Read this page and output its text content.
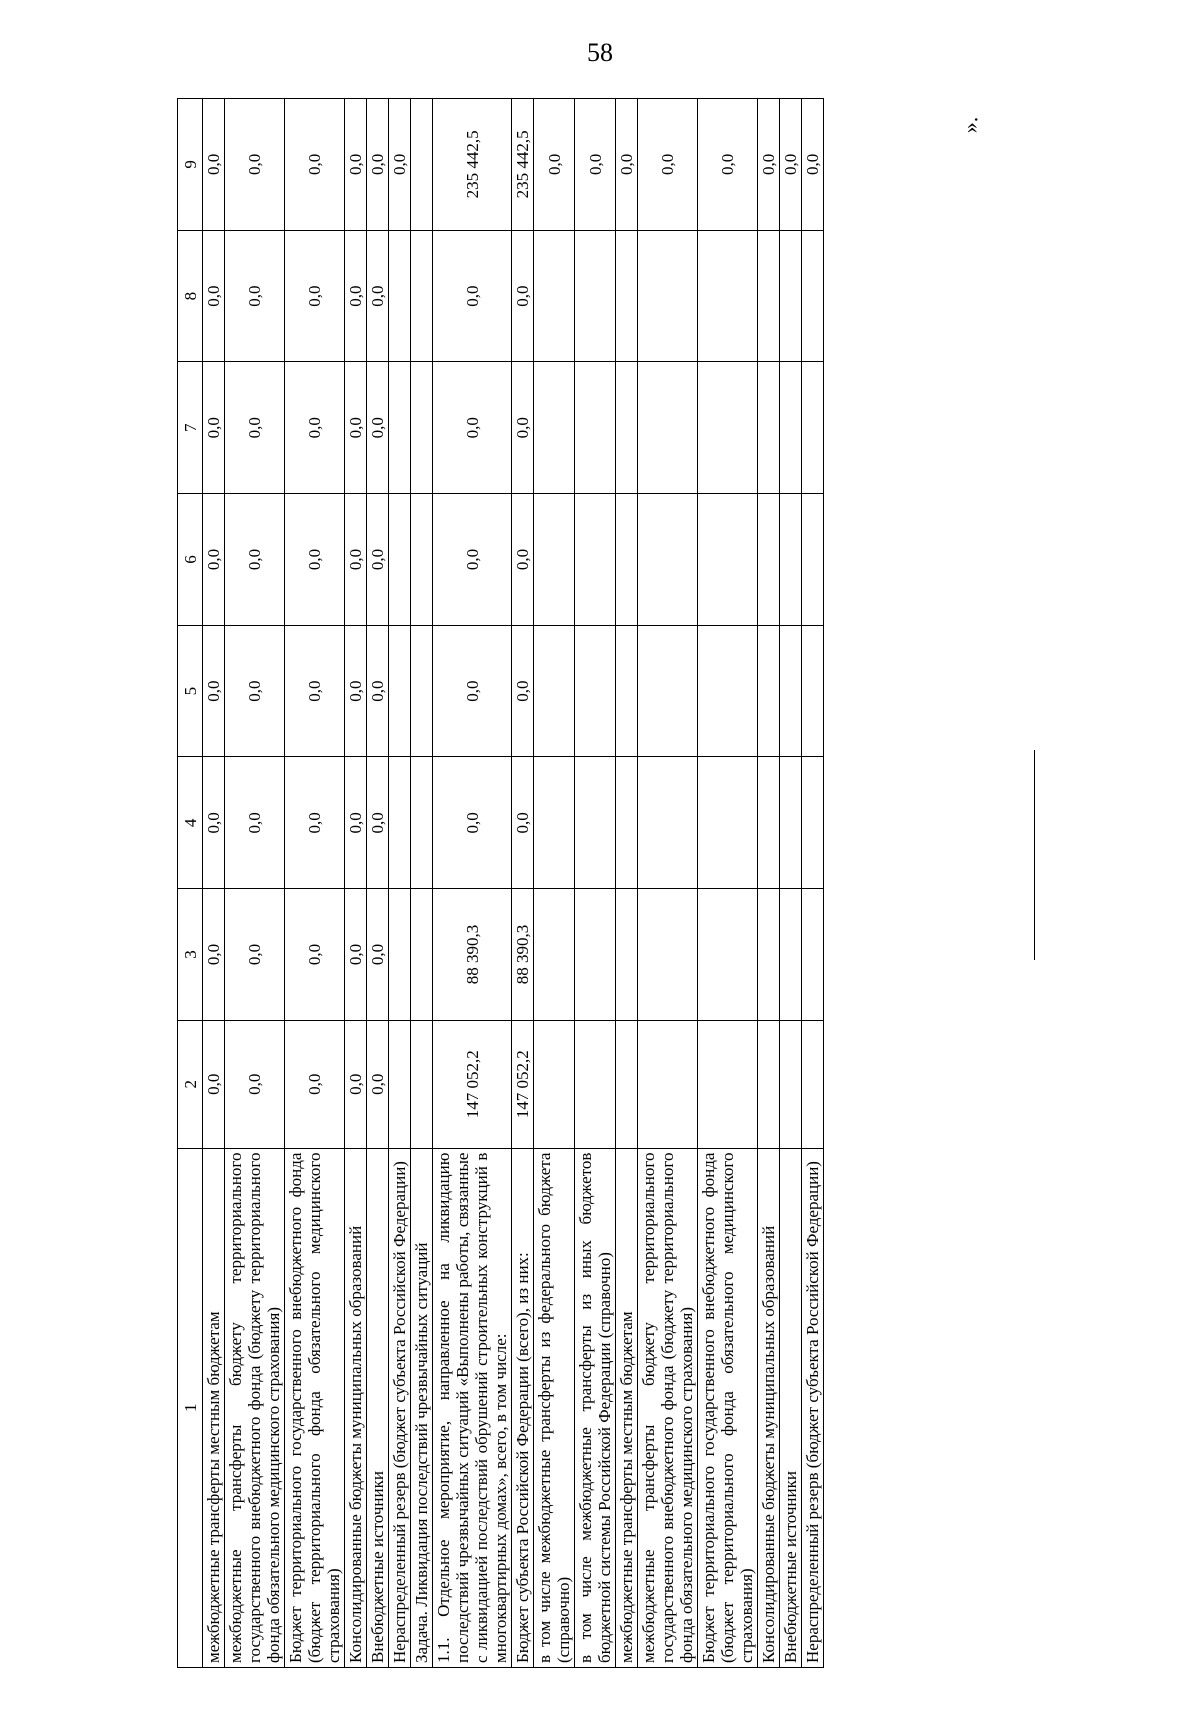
58
1	2	3	4	5	6	7	8	9
межбюджетные трансферты местным бюджетам	0,0	0,0	0,0	0,0	0,0	0,0	0,0	0,0
межбюджетные трансферты бюджету территориального государственного внебюджетного фонда (бюджету территориального фонда обязательного медицинского страхования)	0,0	0,0	0,0	0,0	0,0	0,0	0,0	0,0
Бюджет территориального государственного внебюджетного фонда (бюджет территориального фонда обязательного медицинского страхования)	0,0	0,0	0,0	0,0	0,0	0,0	0,0	0,0
Консолидированные бюджеты муниципальных образований	0,0	0,0	0,0	0,0	0,0	0,0	0,0	0,0
Внебюджетные источники	0,0	0,0	0,0	0,0	0,0	0,0	0,0	0,0
Нераспределенный резерв (бюджет субъекта Российской Федерации)								0,0
Задача. Ликвидация последствий чрезвычайных ситуаций								
1.1. Отдельное мероприятие, направленное на ликвидацию последствий чрезвычайных ситуаций «Выполнены работы, связанные с ликвидацией последствий обрушений строительных конструкций в многоквартирных домах», всего, в том числе:	147 052,2	88 390,3	0,0	0,0	0,0	0,0	0,0	235 442,5
Бюджет субъекта Российской Федерации (всего), из них:	147 052,2	88 390,3	0,0	0,0	0,0	0,0	0,0	235 442,5
в том числе межбюджетные трансферты из федерального бюджета (справочно)								0,0
в том числе межбюджетные трансферты из иных бюджетов бюджетной системы Российской Федерации (справочно)								0,0
межбюджетные трансферты местным бюджетам								0,0
межбюджетные трансферты бюджету территориального государственного внебюджетного фонда (бюджету территориального фонда обязательного медицинского страхования)								0,0
Бюджет территориального государственного внебюджетного фонда (бюджет территориального фонда обязательного медицинского страхования)								0,0
Консолидированные бюджеты муниципальных образований								0,0
Внебюджетные источники								0,0
Нераспределенный резерв (бюджет субъекта Российской Федерации)								0,0
».
